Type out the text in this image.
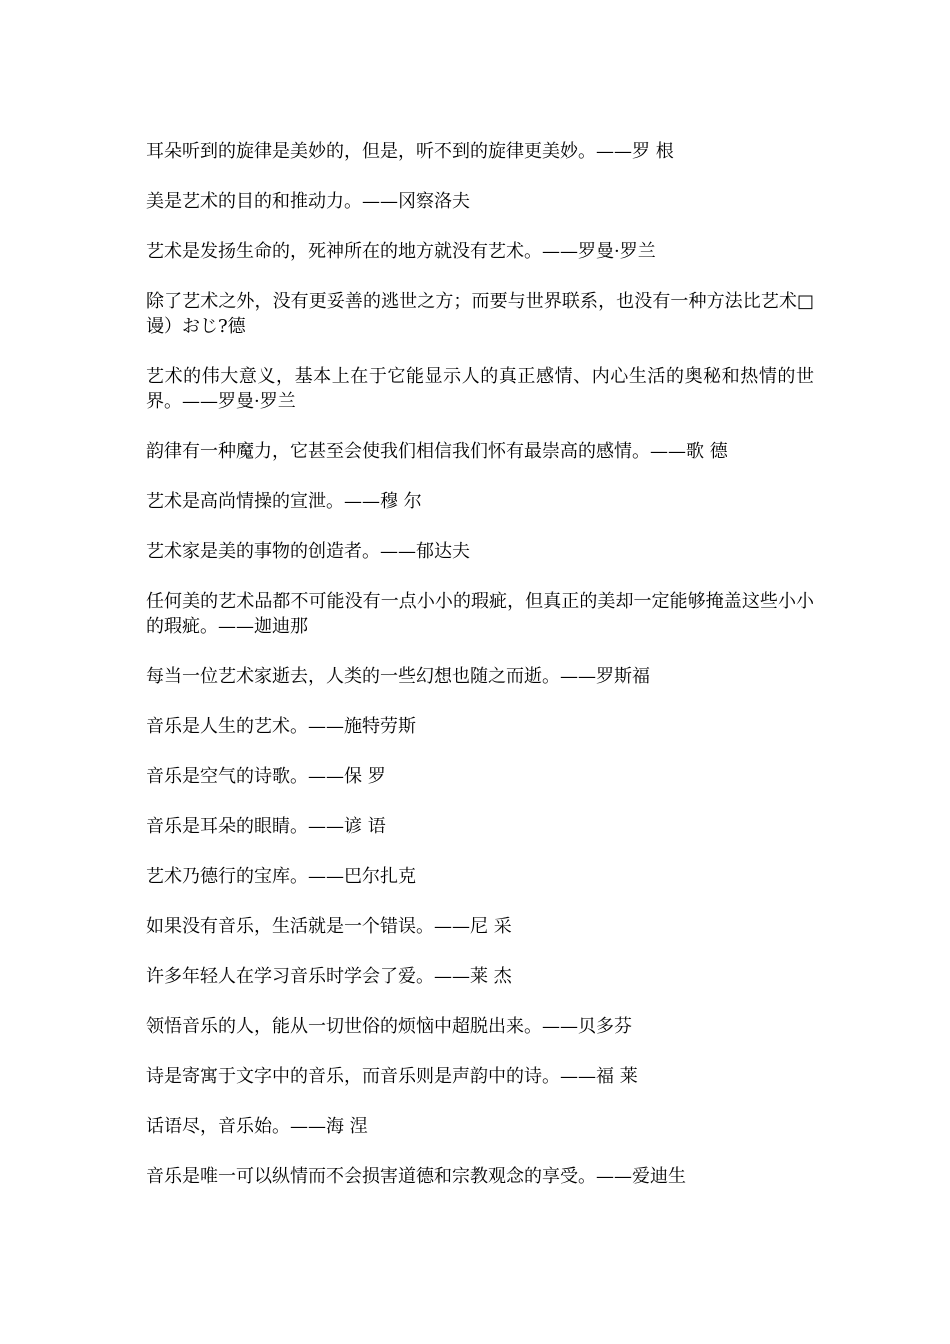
耳朵听到的旋律是美妙的，但是，听不到的旋律更美妙。——罗 根
美是艺术的目的和推动力。——冈察洛夫
艺术是发扬生命的，死神所在的地方就没有艺术。——罗曼·罗兰
除了艺术之外，没有更妥善的逃世之方；而要与世界联系，也没有一种方法比艺术□谩）おじ?德
艺术的伟大意义，基本上在于它能显示人的真正感情、内心生活的奥秘和热情的世界。——罗曼·罗兰
韵律有一种魔力，它甚至会使我们相信我们怀有最崇高的感情。——歌 德
艺术是高尚情操的宣泄。——穆 尔
艺术家是美的事物的创造者。——郁达夫
任何美的艺术品都不可能没有一点小小的瑕疵，但真正的美却一定能够掩盖这些小小的瑕疵。——迦迪那
每当一位艺术家逝去，人类的一些幻想也随之而逝。——罗斯福
音乐是人生的艺术。——施特劳斯
音乐是空气的诗歌。——保 罗
音乐是耳朵的眼睛。——谚 语
艺术乃德行的宝库。——巴尔扎克
如果没有音乐，生活就是一个错误。——尼 采
许多年轻人在学习音乐时学会了爱。——莱 杰
领悟音乐的人，能从一切世俗的烦恼中超脱出来。——贝多芬
诗是寄寓于文字中的音乐，而音乐则是声韵中的诗。——福 莱
话语尽，音乐始。——海 涅
音乐是唯一可以纵情而不会损害道德和宗教观念的享受。——爱迪生
